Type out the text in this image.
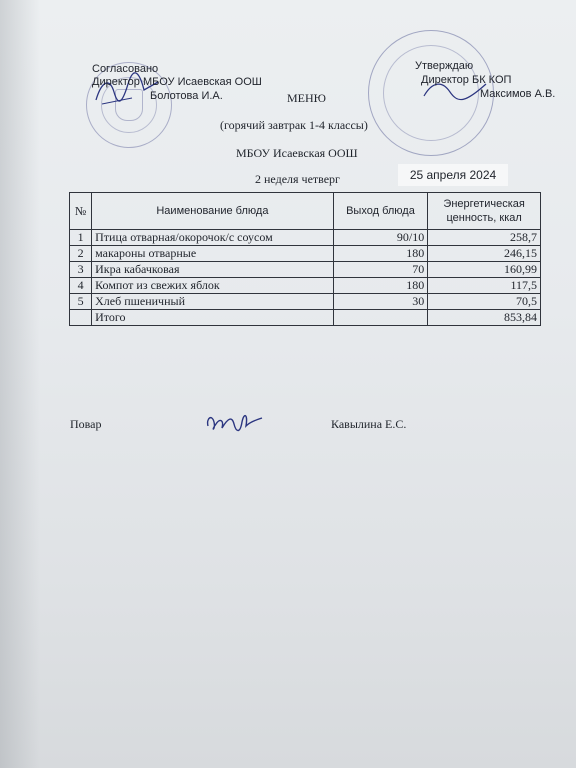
Согласовано
Директор МБОУ Исаевская ООШ
Болотова И.А.
Утверждаю
Директор БК КОП
Максимов А.В.
МЕНЮ
(горячий завтрак 1-4 классы)
МБОУ Исаевская ООШ
2 неделя четверг	25 апреля 2024
№	Наименование блюда	Выход блюда	Энергетическая ценность, ккал
1	Птица отварная/окорочок/с соусом	90/10	258,7
2	макароны отварные	180	246,15
3	Икра кабачковая	70	160,99
4	Компот из свежих яблок	180	117,5
5	Хлеб пшеничный	30	70,5
	Итого		853,84
Повар	Кавылина Е.С.
